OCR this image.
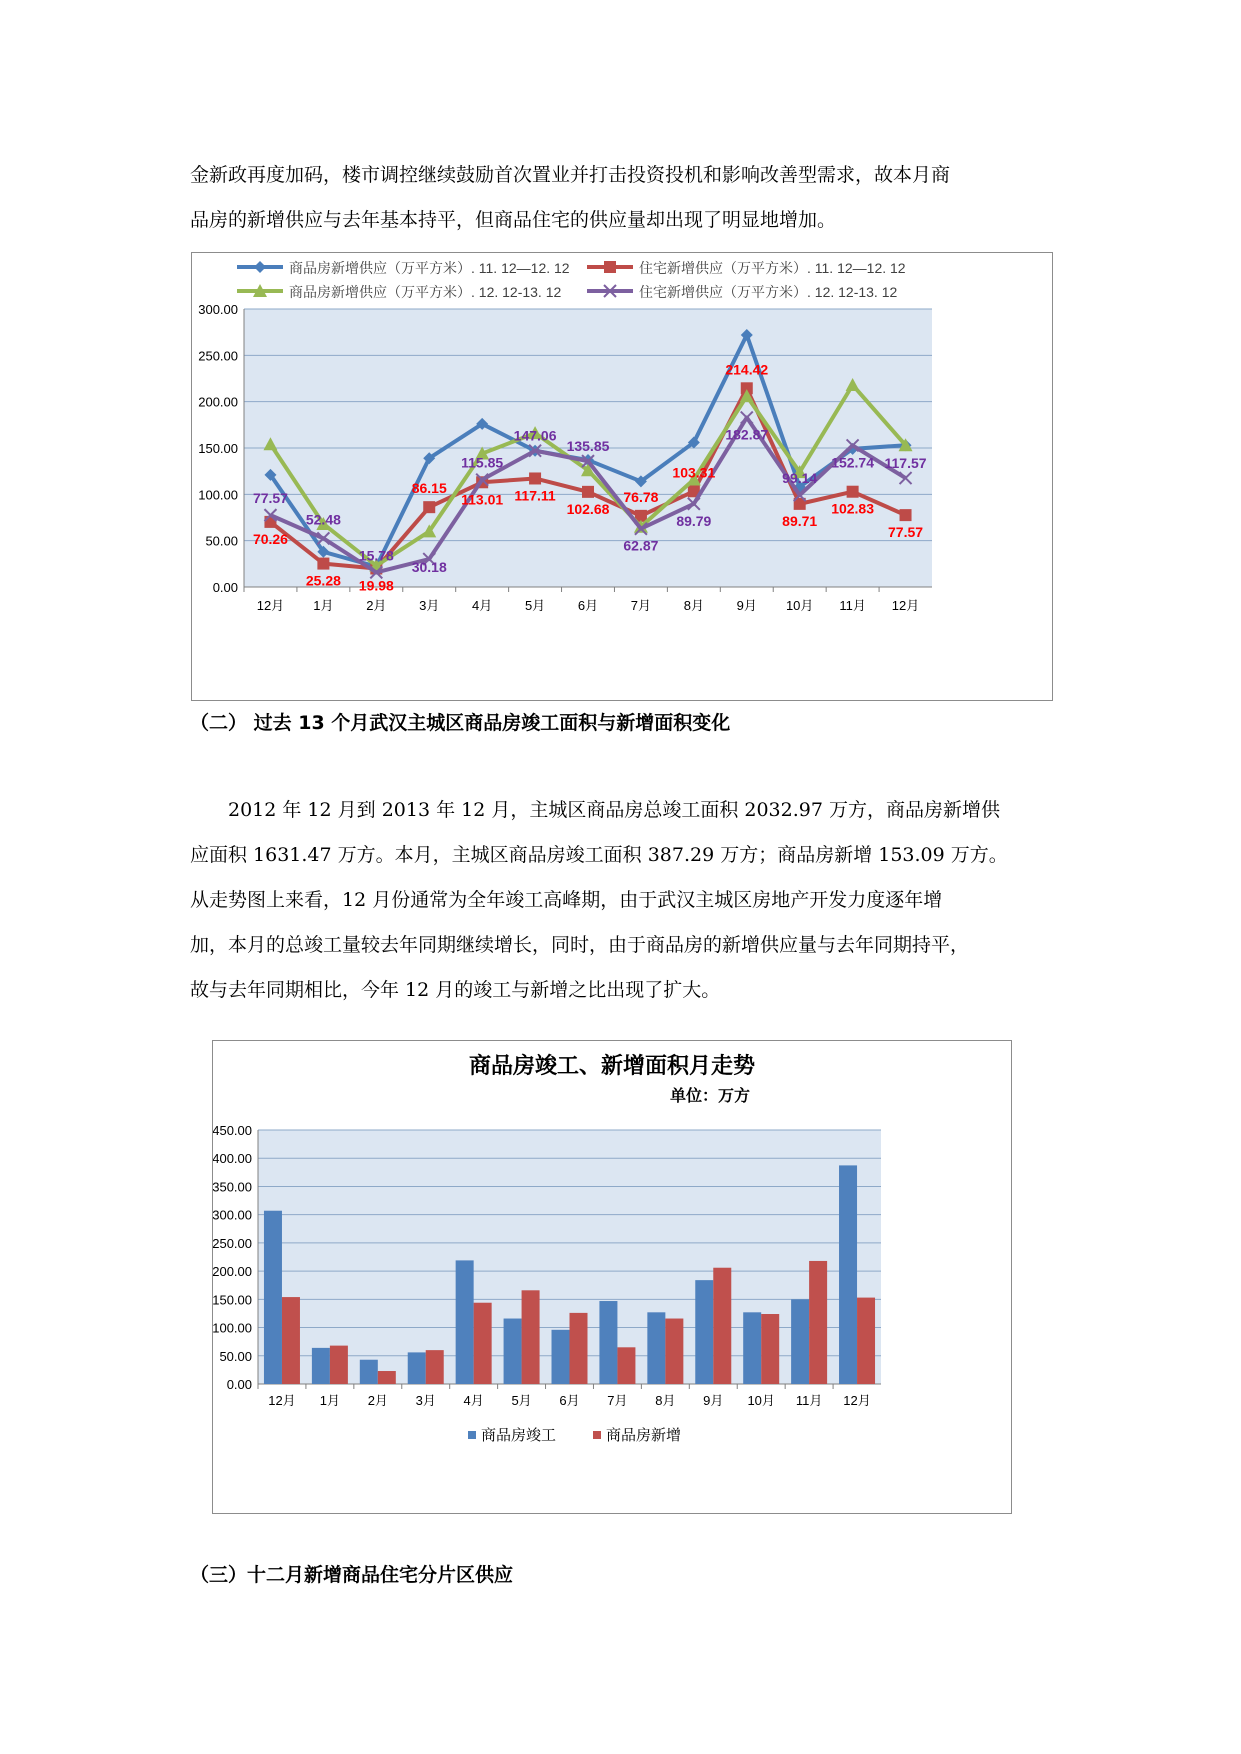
金新政再度加码，楼市调控继续鼓励首次置业并打击投资投机和影响改善型需求，故本月商
品房的新增供应与去年基本持平，但商品住宅的供应量却出现了明显地增加。
商品房新增供应（万平方米）. 11. 12—12. 12	住宅新增供应（万平方米）. 11. 12—12. 12
商品房新增供应（万平方米）. 12. 12-13. 12	住宅新增供应（万平方米）. 12. 12-13. 12
0.00
50.00
100.00
150.00
200.00
250.00
300.00
12月 1月	2月	3月	4月	5月	6月	7月	8月	9月 10月 11月 12月
70.26
25.28 19.98
86.15
113.01 117.11
102.68
76.78
103.31
214.42
89.71
102.83
77.57
77.57
52.48
15.78
30.18
115.85
147.06
135.85
62.87
89.79
182.87
99.14
152.74 117.57
（二） 过去 13 个月武汉主城区商品房竣工面积与新增面积变化
2012 年 12 月到 2013 年 12 月，主城区商品房总竣工面积 2032.97 万方，商品房新增供
应面积 1631.47 万方。本月，主城区商品房竣工面积 387.29 万方；商品房新增 153.09 万方。
从走势图上来看，12 月份通常为全年竣工高峰期，由于武汉主城区房地产开发力度逐年增
加，本月的总竣工量较去年同期继续增长，同时，由于商品房的新增供应量与去年同期持平，
故与去年同期相比，今年 12 月的竣工与新增之比出现了扩大。
商品房竣工、新增面积月走势
单位：万方
0.00
50.00
100.00
150.00
200.00
250.00
300.00
350.00
400.00
450.00
12月 1月 2月 3月 4月 5月 6月 7月 8月 9月 10月 11月 12月
商品房竣工	商品房新增
（三）十二月新增商品住宅分片区供应
